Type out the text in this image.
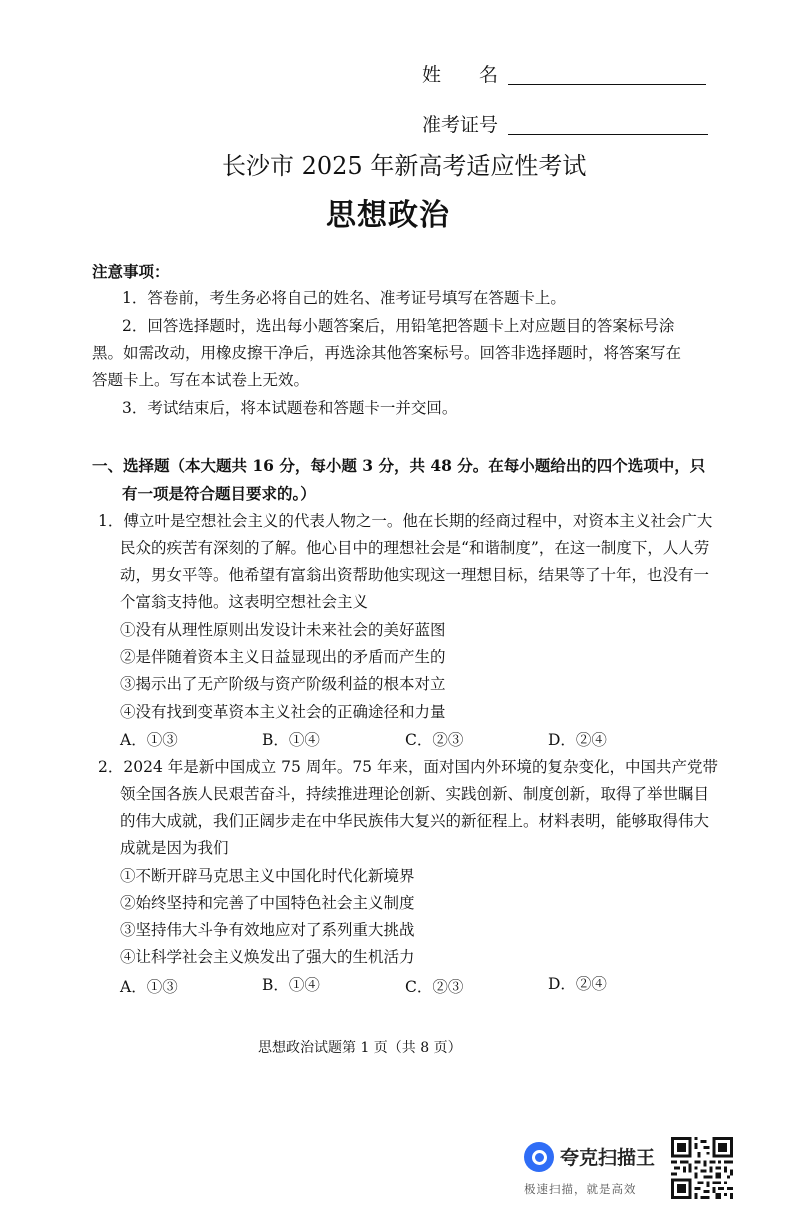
姓　　名
准考证号
长沙市 2025 年新高考适应性考试
思想政治
注意事项：
1．答卷前，考生务必将自己的姓名、准考证号填写在答题卡上。
2．回答选择题时，选出每小题答案后，用铅笔把答题卡上对应题目的答案标号涂黑。如需改动，用橡皮擦干净后，再选涂其他答案标号。回答非选择题时，将答案写在答题卡上。写在本试卷上无效。
3．考试结束后，将本试题卷和答题卡一并交回。
一、选择题（本大题共 16 分，每小题 3 分，共 48 分。在每小题给出的四个选项中，只
有一项是符合题目要求的。）
1．傅立叶是空想社会主义的代表人物之一。他在长期的经商过程中，对资本主义社会广大民众的疾苦有深刻的了解。他心目中的理想社会是“和谐制度”，在这一制度下，人人劳动，男女平等。他希望有富翁出资帮助他实现这一理想目标，结果等了十年，也没有一个富翁支持他。这表明空想社会主义
①没有从理性原则出发设计未来社会的美好蓝图
②是伴随着资本主义日益显现出的矛盾而产生的
③揭示出了无产阶级与资产阶级利益的根本对立
④没有找到变革资本主义社会的正确途径和力量
A．①③	B．①④	C．②③	D．②④
2．2024 年是新中国成立 75 周年。75 年来，面对国内外环境的复杂变化，中国共产党带领全国各族人民艰苦奋斗，持续推进理论创新、实践创新、制度创新，取得了举世瞩目的伟大成就，我们正阔步走在中华民族伟大复兴的新征程上。材料表明，能够取得伟大成就是因为我们
①不断开辟马克思主义中国化时代化新境界
②始终坚持和完善了中国特色社会主义制度
③坚持伟大斗争有效地应对了系列重大挑战
④让科学社会主义焕发出了强大的生机活力
A．①③	B．①④	C．②③	D．②④
思想政治试题第 1 页（共 8 页）
夸克扫描王
极速扫描，就是高效
